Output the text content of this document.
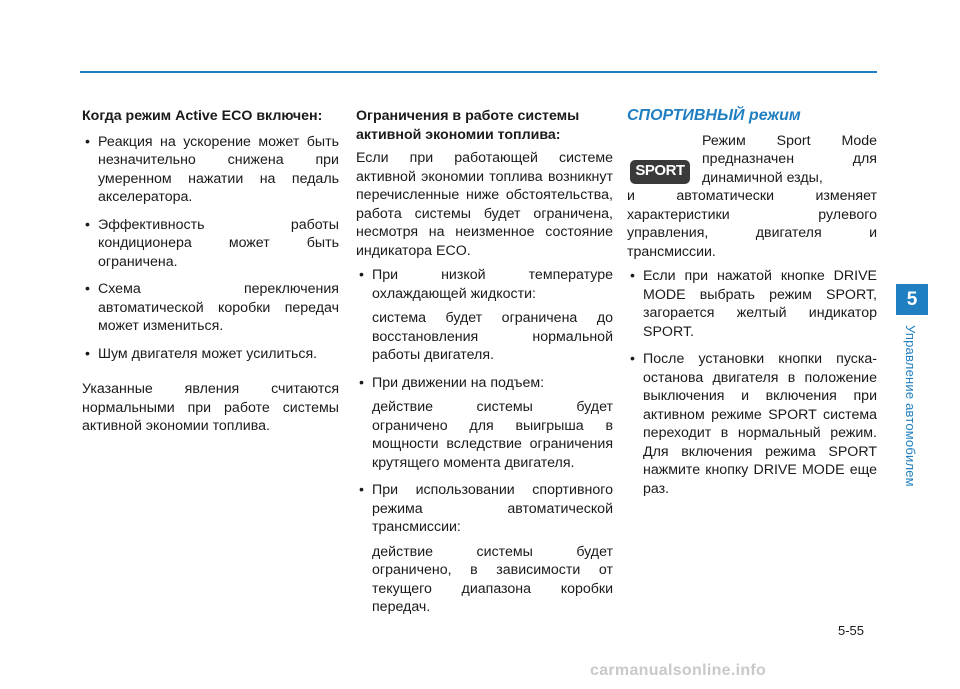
Когда режим Active ECO включен:
• Реакция на ускорение может быть незначительно снижена при умеренном нажатии на педаль акселератора.
• Эффективность работы кондиционера может быть ограничена.
• Схема переключения автоматической коробки передач может измениться.
• Шум двигателя может усилиться.

Указанные явления считаются нормальными при работе системы активной экономии топлива.

Ограничения в работе системы активной экономии топлива:

Если при работающей системе активной экономии топлива возникнут перечисленные ниже обстоятельства, работа системы будет ограничена, несмотря на неизменное состояние индикатора ECO.

• При низкой температуре охлаждающей жидкости:

система будет ограничена до восстановления нормальной работы двигателя.

• При движении на подъем:

действие системы будет ограничено для выигрыша в мощности вследствие ограничения крутящего момента двигателя.

• При использовании спортивного режима автоматической трансмиссии:

действие системы будет ограничено, в зависимости от текущего диапазона коробки передач.

СПОРТИВНЫЙ режим
SPORT

Режим Sport Mode предназначен для динамичной езды,

и автоматически изменяет характеристики рулевого управления, двигателя и трансмиссии.

• Если при нажатой кнопке DRIVE MODE выбрать режим SPORT, загорается желтый индикатор SPORT.
• После установки кнопки пуска-останова двигателя в положение выключения и включения при активном режиме SPORT система переходит в нормальный режим. Для включения режима SPORT нажмите кнопку DRIVE MODE еще раз.
5
Управление автомобилем
5-55
carmanualsonline.info
